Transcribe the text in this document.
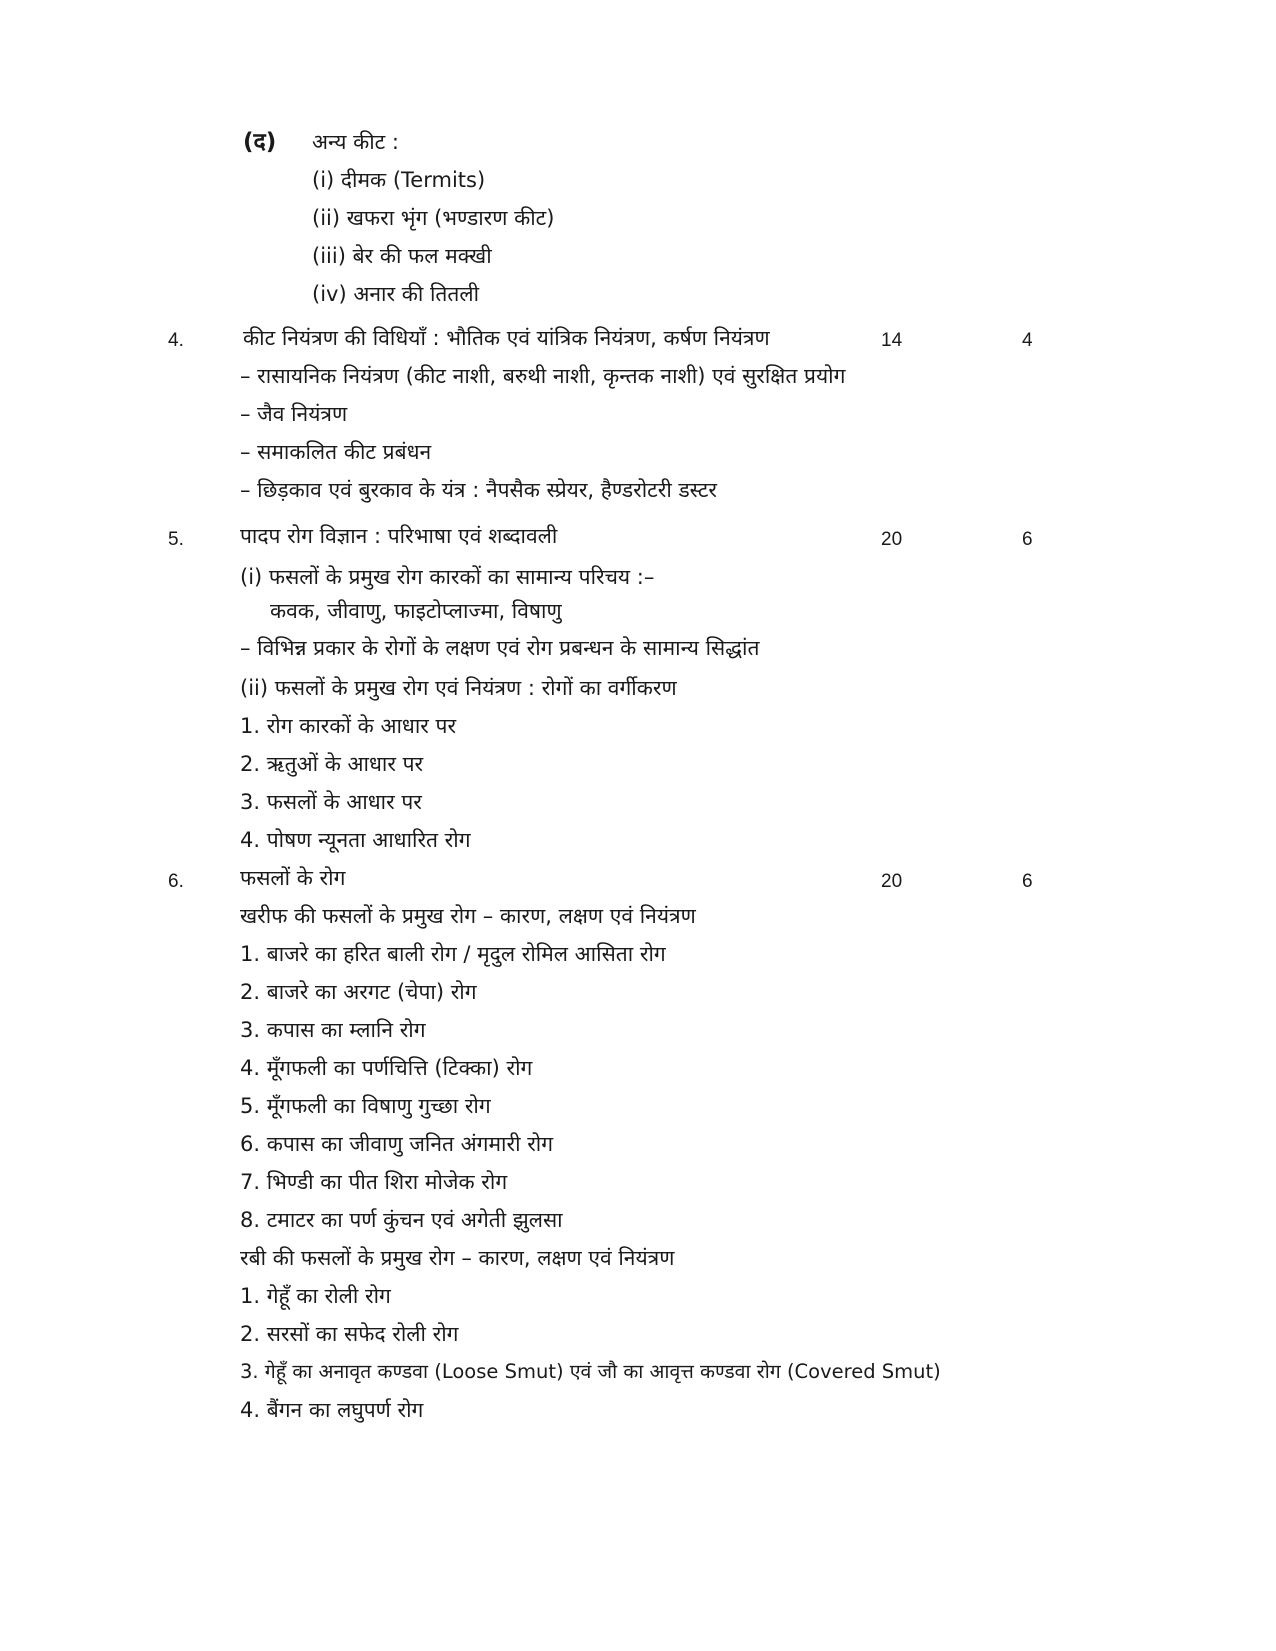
(द) अन्य कीट :
(i) दीमक (Termits)
(ii) खफरा भृंग (भण्डारण कीट)
(iii) बेर की फल मक्खी
(iv) अनार की तितली
4.	कीट नियंत्रण की विधियाँ : भौतिक एवं यांत्रिक नियंत्रण, कर्षण नियंत्रण	14	4
– रासायनिक नियंत्रण (कीट नाशी, बरुथी नाशी, कृन्तक नाशी) एवं सुरक्षित प्रयोग
– जैव नियंत्रण
– समाकलित कीट प्रबंधन
– छिड़काव एवं बुरकाव के यंत्र : नैपसैक स्प्रेयर, हैण्डरोटरी डस्टर
5.	पादप रोग विज्ञान : परिभाषा एवं शब्दावली	20	6
(i) फसलों के प्रमुख रोग कारकों का सामान्य परिचय :–
कवक, जीवाणु, फाइटोप्लाज्मा, विषाणु
– विभिन्न प्रकार के रोगों के लक्षण एवं रोग प्रबन्धन के सामान्य सिद्धांत
(ii) फसलों के प्रमुख रोग एवं नियंत्रण : रोगों का वर्गीकरण
1. रोग कारकों के आधार पर
2. ऋतुओं के आधार पर
3. फसलों के आधार पर
4. पोषण न्यूनता आधारित रोग
6.	फसलों के रोग	20	6
खरीफ की फसलों के प्रमुख रोग – कारण, लक्षण एवं नियंत्रण
1. बाजरे का हरित बाली रोग / मृदुल रोमिल आसिता रोग
2. बाजरे का अरगट (चेपा) रोग
3. कपास का म्लानि रोग
4. मूँगफली का पर्णचित्ति (टिक्का) रोग
5. मूँगफली का विषाणु गुच्छा रोग
6. कपास का जीवाणु जनित अंगमारी रोग
7. भिण्डी का पीत शिरा मोजेक रोग
8. टमाटर का पर्ण कुंचन एवं अगेती झुलसा
रबी की फसलों के प्रमुख रोग – कारण, लक्षण एवं नियंत्रण
1. गेहूँ का रोली रोग
2. सरसों का सफेद रोली रोग
3. गेहूँ का अनावृत कण्डवा (Loose Smut) एवं जौ का आवृत्त कण्डवा रोग (Covered Smut)
4. बैंगन का लघुपर्ण रोग
